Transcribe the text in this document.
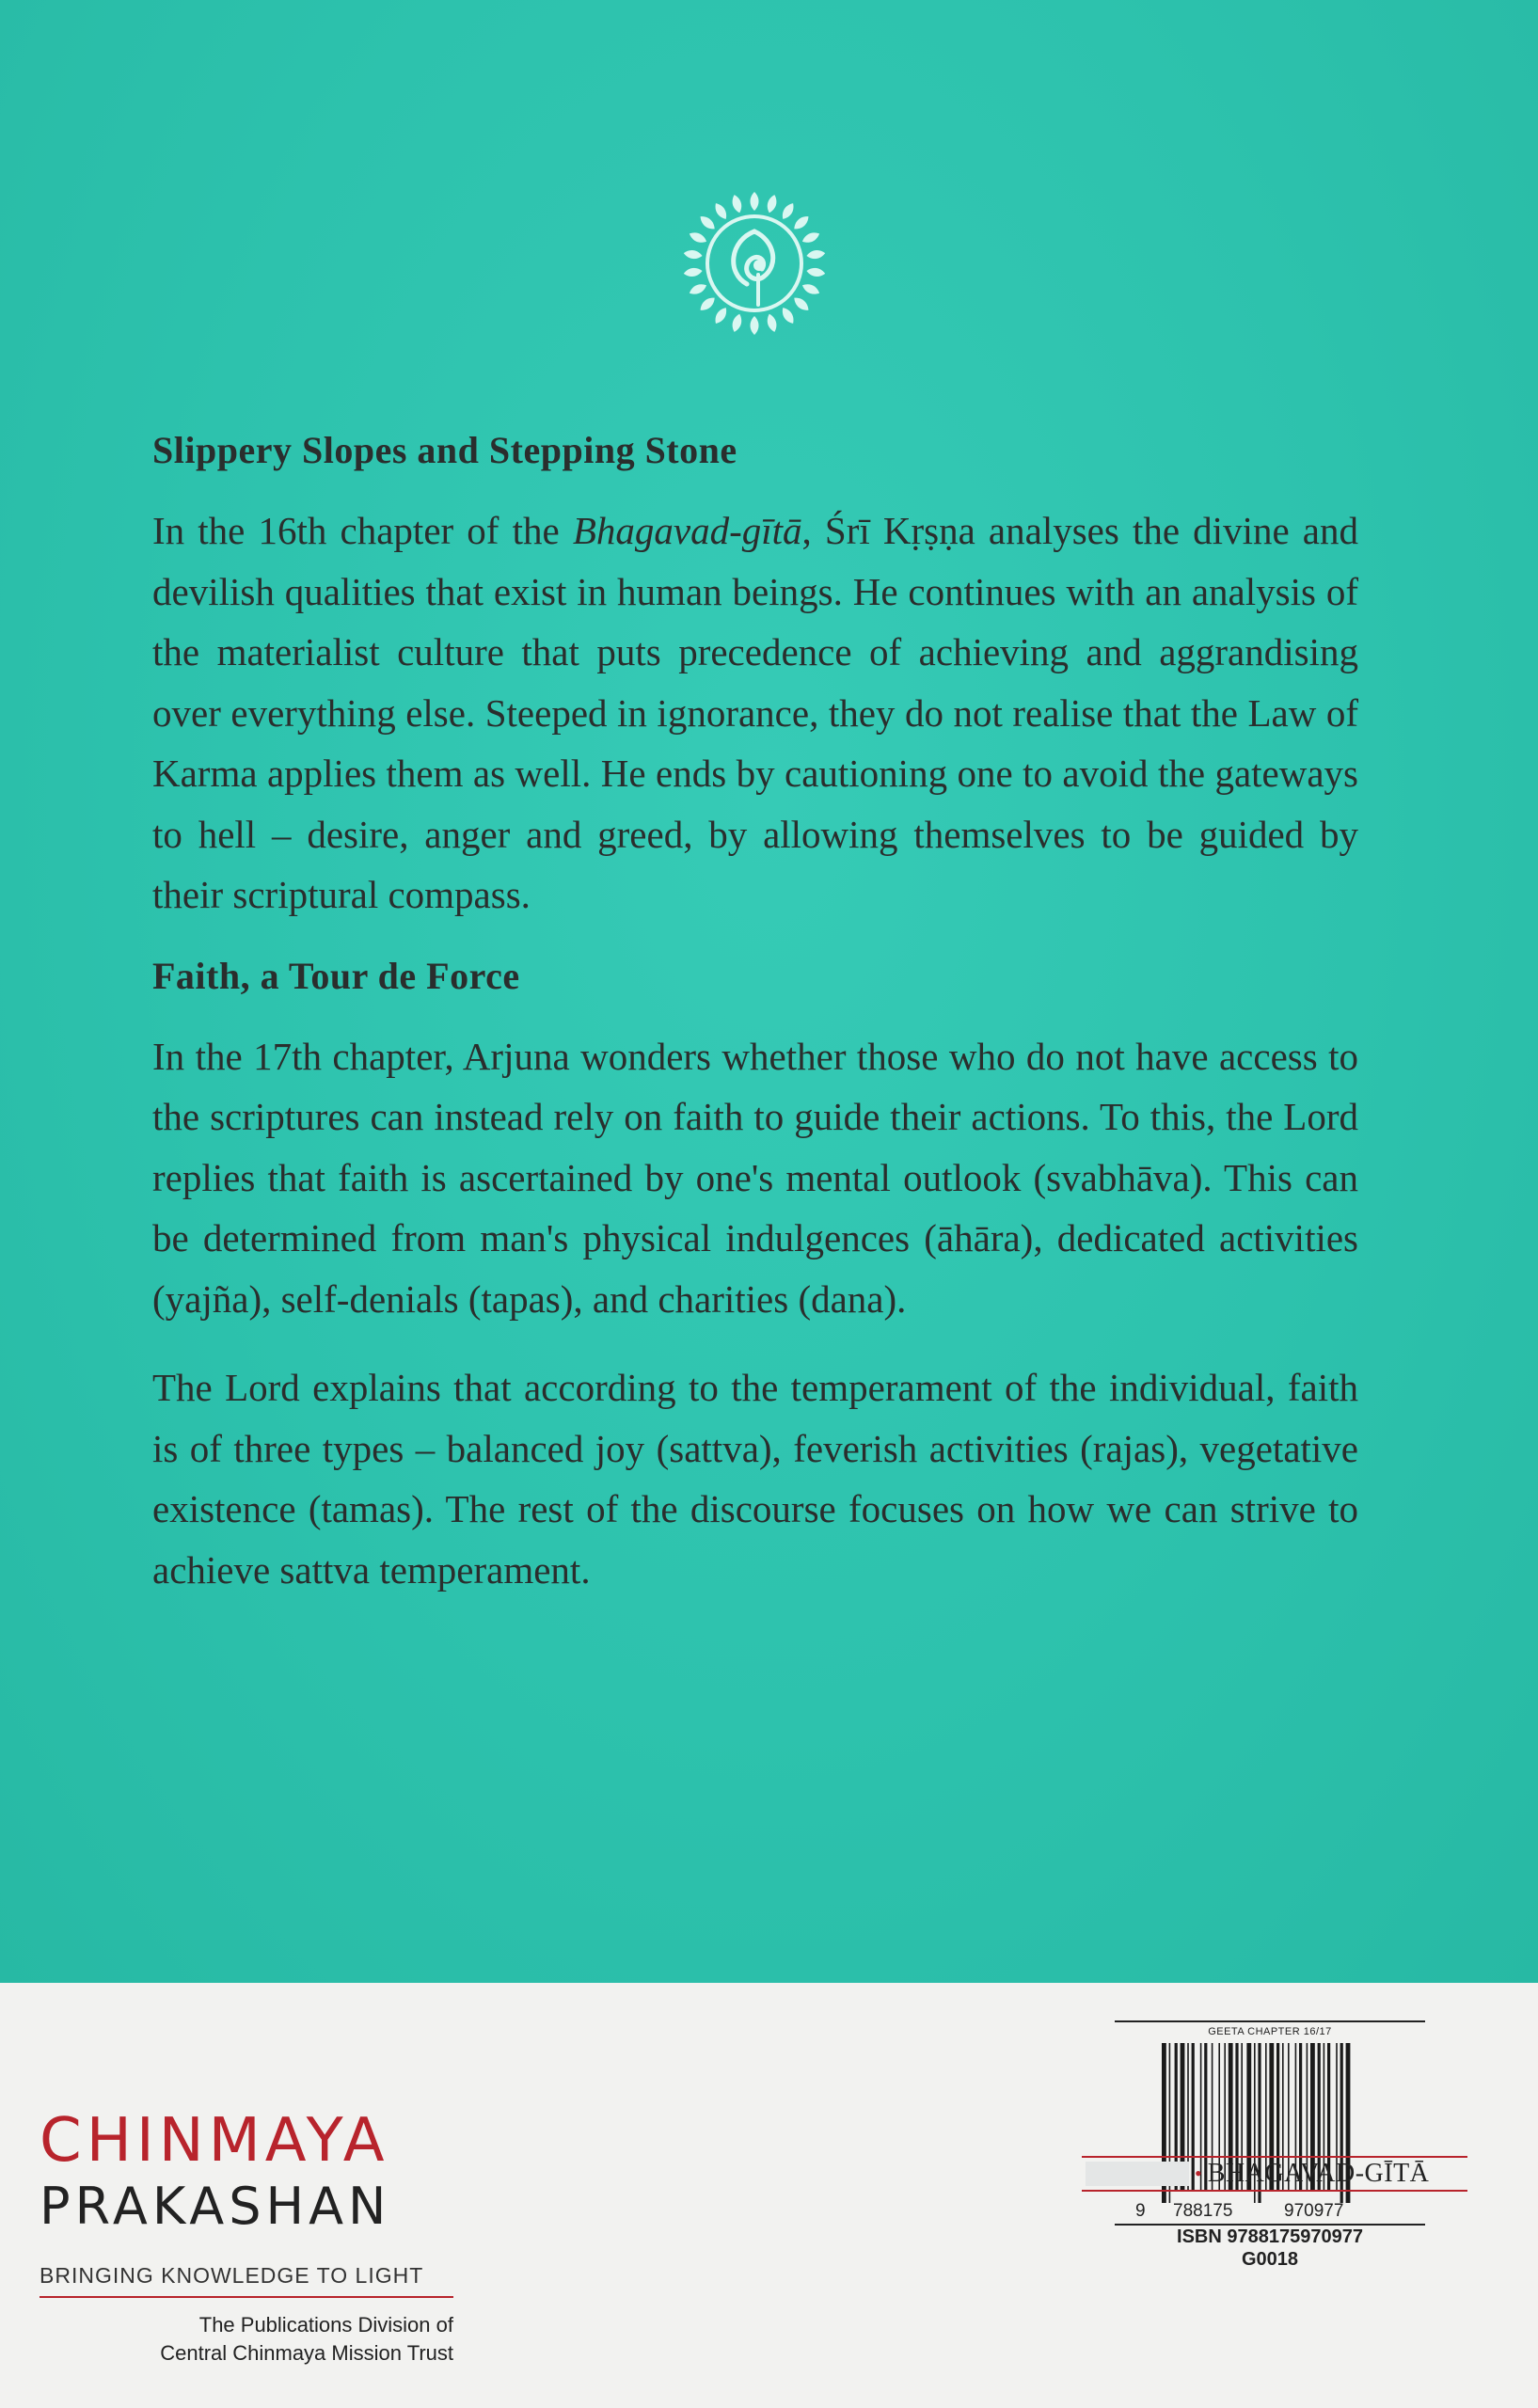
Slippery Slopes and Stepping Stone

In the 16th chapter of the Bhagavad-gītā, Śrī Kṛṣṇa analyses the divine and devilish qualities that exist in human beings. He continues with an analysis of the materialist culture that puts precedence of achieving and aggrandising over everything else. Steeped in ignorance, they do not realise that the Law of Karma applies them as well. He ends by cautioning one to avoid the gateways to hell – desire, anger and greed, by allowing themselves to be guided by their scriptural compass.

Faith, a Tour de Force

In the 17th chapter, Arjuna wonders whether those who do not have access to the scriptures can instead rely on faith to guide their actions. To this, the Lord replies that faith is ascertained by one's mental outlook (svabhāva). This can be determined from man's physical indulgences (āhāra), dedicated activities (yajña), self-denials (tapas), and charities (dana).

The Lord explains that according to the temperament of the individual, faith is of three types – balanced joy (sattva), feverish activities (rajas), vegetative existence (tamas). The rest of the discourse focuses on how we can strive to achieve sattva temperament.

CHINMAYA
PRAKASHAN
BRINGING KNOWLEDGE TO LIGHT
The Publications Division of
Central Chinmaya Mission Trust
GEETA CHAPTER 16/17
9 788175	970977
ISBN 9788175970977
G0018
• BHAGAVAD-GĪTĀ
